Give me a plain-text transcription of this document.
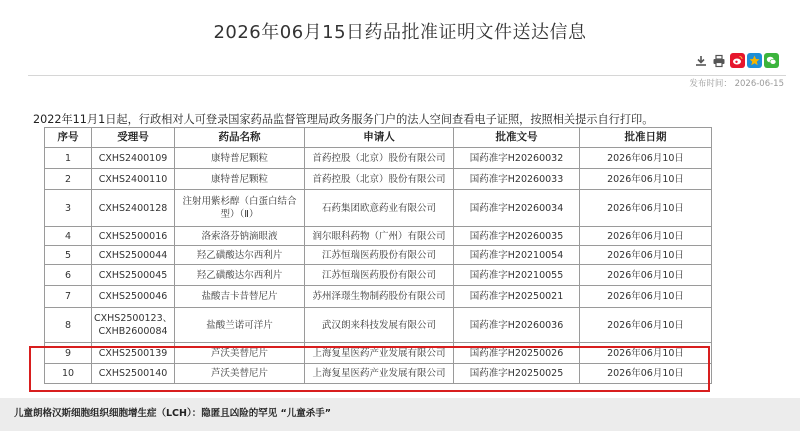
2026年06月15日药品批准证明文件送达信息
发布时间： 2026-06-15
2022年11月1日起，行政相对人可登录国家药品监督管理局政务服务门户的法人空间查看电子证照，按照相关提示自行打印。
序号	受理号	药品名称	申请人	批准文号	批准日期
1	CXHS2400109	康特普尼颗粒	首药控股（北京）股份有限公司	国药准字H20260032	2026年06月10日
2	CXHS2400110	康特普尼颗粒	首药控股（北京）股份有限公司	国药准字H20260033	2026年06月10日
3	CXHS2400128	注射用紫杉醇（白蛋白结合
型）（Ⅱ）	石药集团欧意药业有限公司	国药准字H20260034	2026年06月10日
4	CXHS2500016	洛索洛芬钠滴眼液	润尔眼科药物（广州）有限公司	国药准字H20260035	2026年06月10日
5	CXHS2500044	羟乙磺酸达尔西利片	江苏恒瑞医药股份有限公司	国药准字H20210054	2026年06月10日
6	CXHS2500045	羟乙磺酸达尔西利片	江苏恒瑞医药股份有限公司	国药准字H20210055	2026年06月10日
7	CXHS2500046	盐酸吉卡昔替尼片	苏州泽璟生物制药股份有限公司	国药准字H20250021	2026年06月10日
8	CXHS2500123、
CXHB2600084	盐酸兰诺可洋片	武汉朗来科技发展有限公司	国药准字H20260036	2026年06月10日
9	CXHS2500139	芦沃美替尼片	上海复星医药产业发展有限公司	国药准字H20250026	2026年06月10日
10	CXHS2500140	芦沃美替尼片	上海复星医药产业发展有限公司	国药准字H20250025	2026年06月10日
儿童朗格汉斯细胞组织细胞增生症（LCH）：隐匿且凶险的罕见 “儿童杀手”
